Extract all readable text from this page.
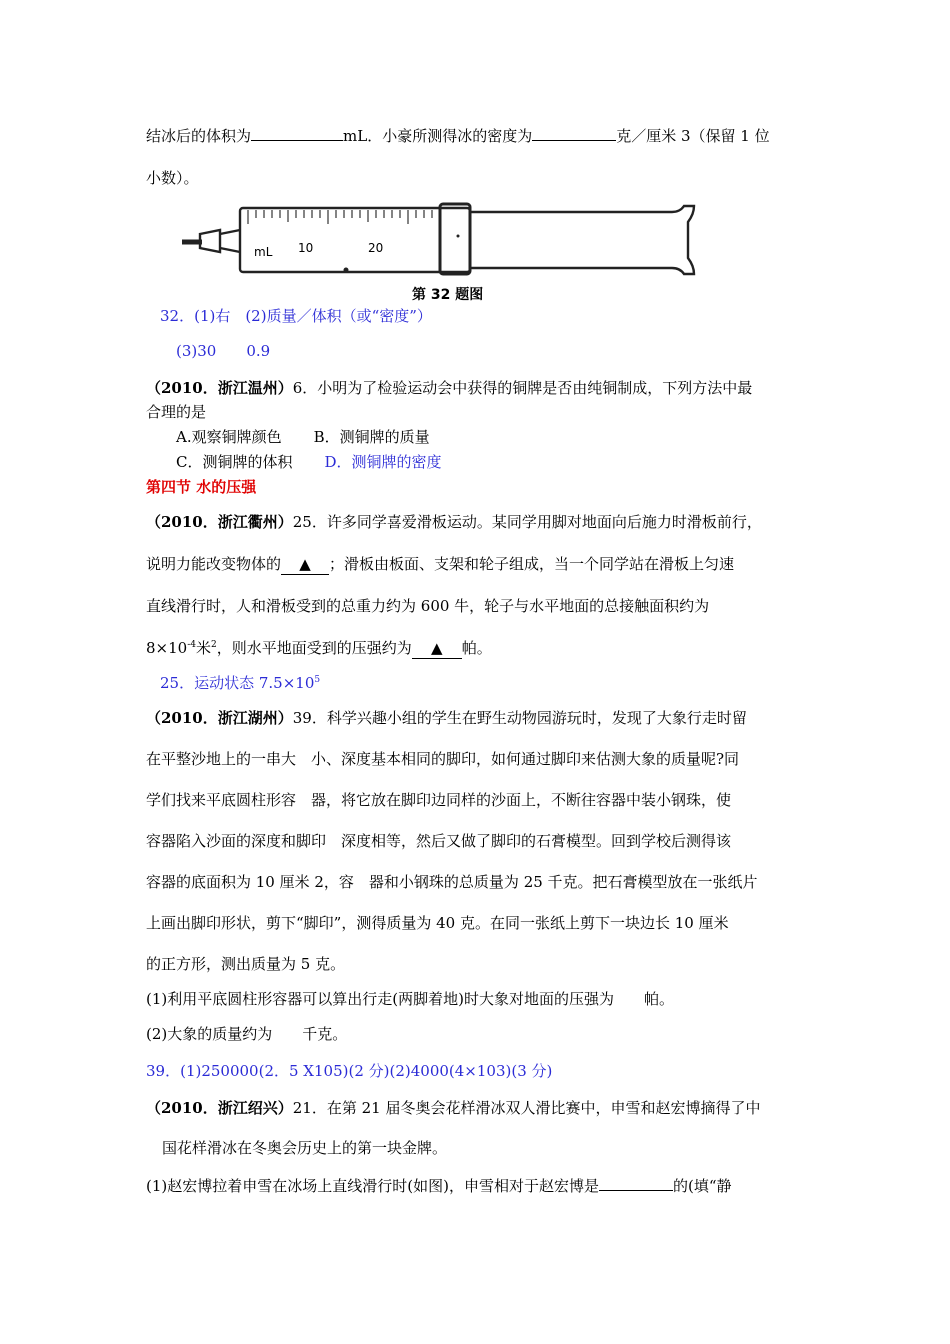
结冰后的体积为	mL．小豪所测得冰的密度为	克／厘米 3（保留 1 位
小数）。
mL 10	20
第 32 题图
32．(1)右　(2)质量／体积（或“密度”）
(3)30　　0.9
（2010．浙江温州）6．小明为了检验运动会中获得的铜牌是否由纯铜制成，下列方法中最
合理的是
A.观察铜牌颜色 B．测铜牌的质量
C．测铜牌的体积 D．测铜牌的密度
第四节 水的压强
（2010．浙江衢州）25．许多同学喜爱滑板运动。某同学用脚对地面向后施力时滑板前行，
说明力能改变物体的 ▲ ；滑板由板面、支架和轮子组成，当一个同学站在滑板上匀速
直线滑行时，人和滑板受到的总重力约为 600 牛，轮子与水平地面的总接触面积约为
$8\times 10^{-4}$米$^2$，则水平地面受到的压强约为 ▲ 帕。
25．运动状态 $7.5\times 10^5$
（2010．浙江湖州）39．科学兴趣小组的学生在野生动物园游玩时，发现了大象行走时留
在平整沙地上的一串大　小、深度基本相同的脚印，如何通过脚印来估测大象的质量呢?同
学们找来平底圆柱形容　器，将它放在脚印边同样的沙面上，不断往容器中装小钢珠，使
容器陷入沙面的深度和脚印　深度相等，然后又做了脚印的石膏模型。回到学校后测得该
容器的底面积为 10 厘米 2，容　器和小钢珠的总质量为 25 千克。把石膏模型放在一张纸片
上画出脚印形状，剪下“脚印”，测得质量为 40 克。在同一张纸上剪下一块边长 10 厘米
的正方形，测出质量为 5 克。
(1)利用平底圆柱形容器可以算出行走(两脚着地)时大象对地面的压强为　　帕。
(2)大象的质量约为　　千克。
39．(1)250000(2．5 X105)(2 分)(2)4000(4×103)(3 分)
（2010．浙江绍兴）21．在第 21 届冬奥会花样滑冰双人滑比赛中，申雪和赵宏博摘得了中
国花样滑冰在冬奥会历史上的第一块金牌。
(1)赵宏博拉着申雪在冰场上直线滑行时(如图)，申雪相对于赵宏博是	的(填“静
